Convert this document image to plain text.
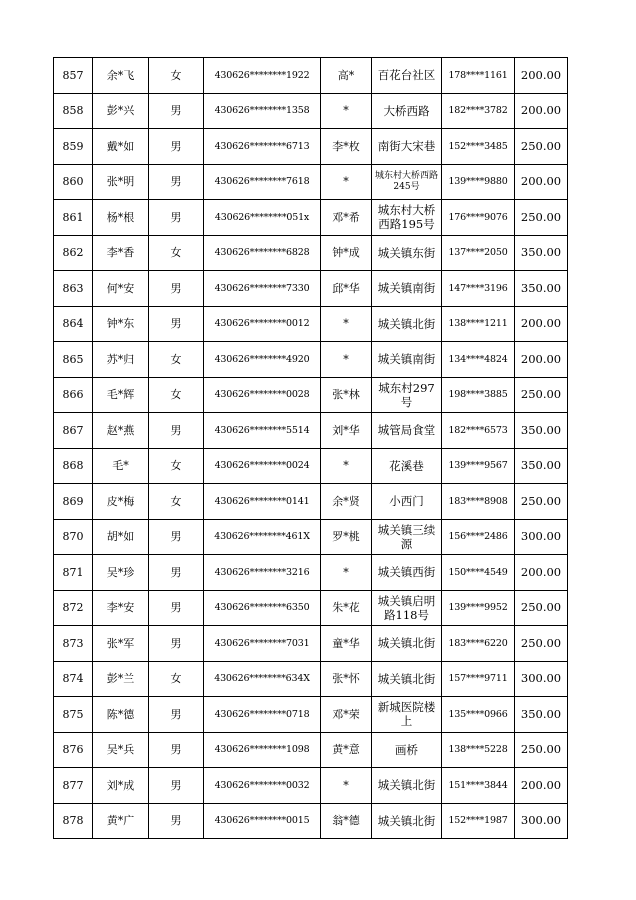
857	余*飞	女	430626********1922	高*	百花台社区	178****1161	200.00
858	彭*兴	男	430626********1358	*	大桥西路	182****3782	200.00
859	戴*如	男	430626********6713	李*枚	南街大宋巷	152****3485	250.00
860	张*明	男	430626********7618	*	城东村大桥西路245号	139****9880	200.00
861	杨*根	男	430626********051x	邓*希	城东村大桥西路195号	176****9076	250.00
862	李*香	女	430626********6828	钟*成	城关镇东街	137****2050	350.00
863	何*安	男	430626********7330	邱*华	城关镇南街	147****3196	350.00
864	钟*东	男	430626********0012	*	城关镇北街	138****1211	200.00
865	苏*归	女	430626********4920	*	城关镇南街	134****4824	200.00
866	毛*辉	女	430626********0028	张*林	城东村297号	198****3885	250.00
867	赵*燕	男	430626********5514	刘*华	城管局食堂	182****6573	350.00
868	毛*	女	430626********0024	*	花溪巷	139****9567	350.00
869	皮*梅	女	430626********0141	余*贤	小西门	183****8908	250.00
870	胡*如	男	430626********461X	罗*桃	城关镇三续源	156****2486	300.00
871	吴*珍	男	430626********3216	*	城关镇西街	150****4549	200.00
872	李*安	男	430626********6350	朱*花	城关镇启明路118号	139****9952	250.00
873	张*军	男	430626********7031	童*华	城关镇北街	183****6220	250.00
874	彭*兰	女	430626********634X	张*怀	城关镇北街	157****9711	300.00
875	陈*德	男	430626********0718	邓*荣	新城医院楼上	135****0966	350.00
876	吴*兵	男	430626********1098	黄*意	画桥	138****5228	250.00
877	刘*成	男	430626********0032	*	城关镇北街	151****3844	200.00
878	黄*广	男	430626********0015	翁*德	城关镇北街	152****1987	300.00
